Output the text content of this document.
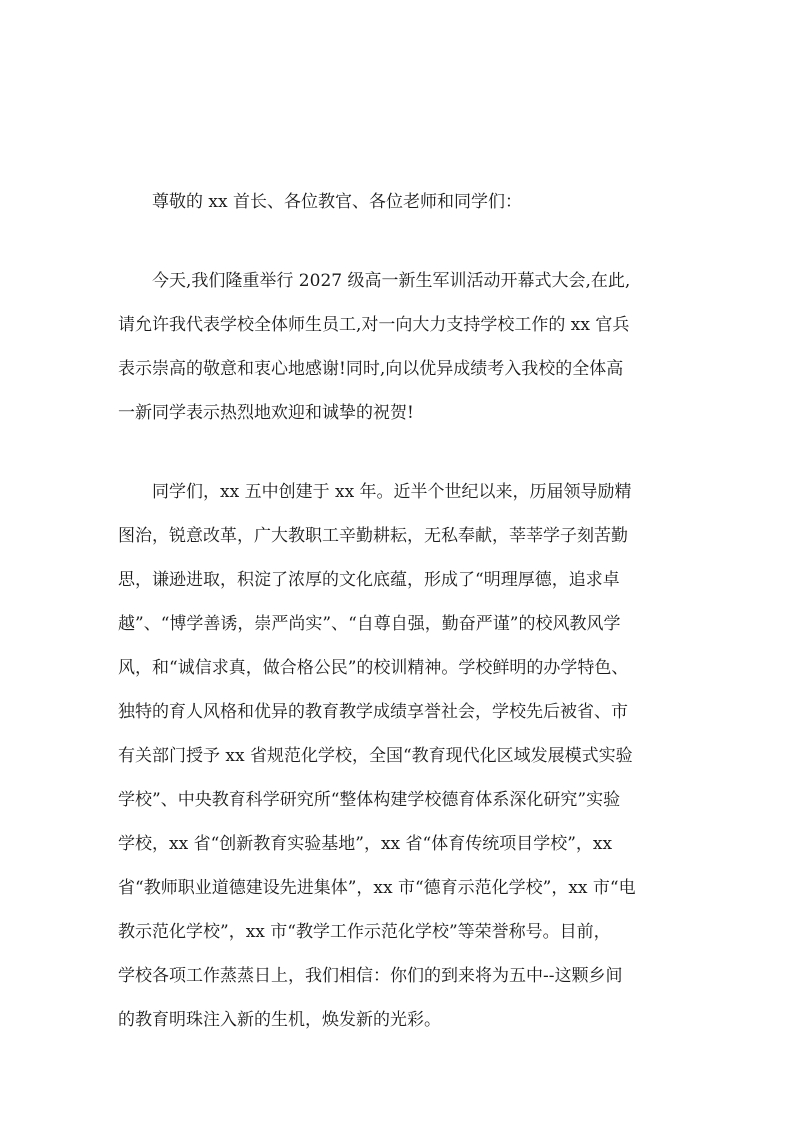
尊敬的 xx 首长、各位教官、各位老师和同学们：
今天,我们隆重举行 2027 级高一新生军训活动开幕式大会,在此,
请允许我代表学校全体师生员工,对一向大力支持学校工作的 xx 官兵
表示崇高的敬意和衷心地感谢!同时,向以优异成绩考入我校的全体高
一新同学表示热烈地欢迎和诚挚的祝贺!
同学们，xx 五中创建于 xx 年。近半个世纪以来，历届领导励精
图治，锐意改革，广大教职工辛勤耕耘，无私奉献，莘莘学子刻苦勤
思，谦逊进取，积淀了浓厚的文化底蕴，形成了“明理厚德，追求卓
越”、“博学善诱，崇严尚实”、“自尊自强，勤奋严谨”的校风教风学
风，和“诚信求真，做合格公民”的校训精神。学校鲜明的办学特色、
独特的育人风格和优异的教育教学成绩享誉社会，学校先后被省、市
有关部门授予 xx 省规范化学校，全国“教育现代化区域发展模式实验
学校”、中央教育科学研究所“整体构建学校德育体系深化研究”实验
学校，xx 省“创新教育实验基地”，xx 省“体育传统项目学校”，xx
省“教师职业道德建设先进集体”，xx 市“德育示范化学校”，xx 市“电
教示范化学校”，xx 市“教学工作示范化学校”等荣誉称号。目前，
学校各项工作蒸蒸日上，我们相信：你们的到来将为五中--这颗乡间
的教育明珠注入新的生机，焕发新的光彩。
